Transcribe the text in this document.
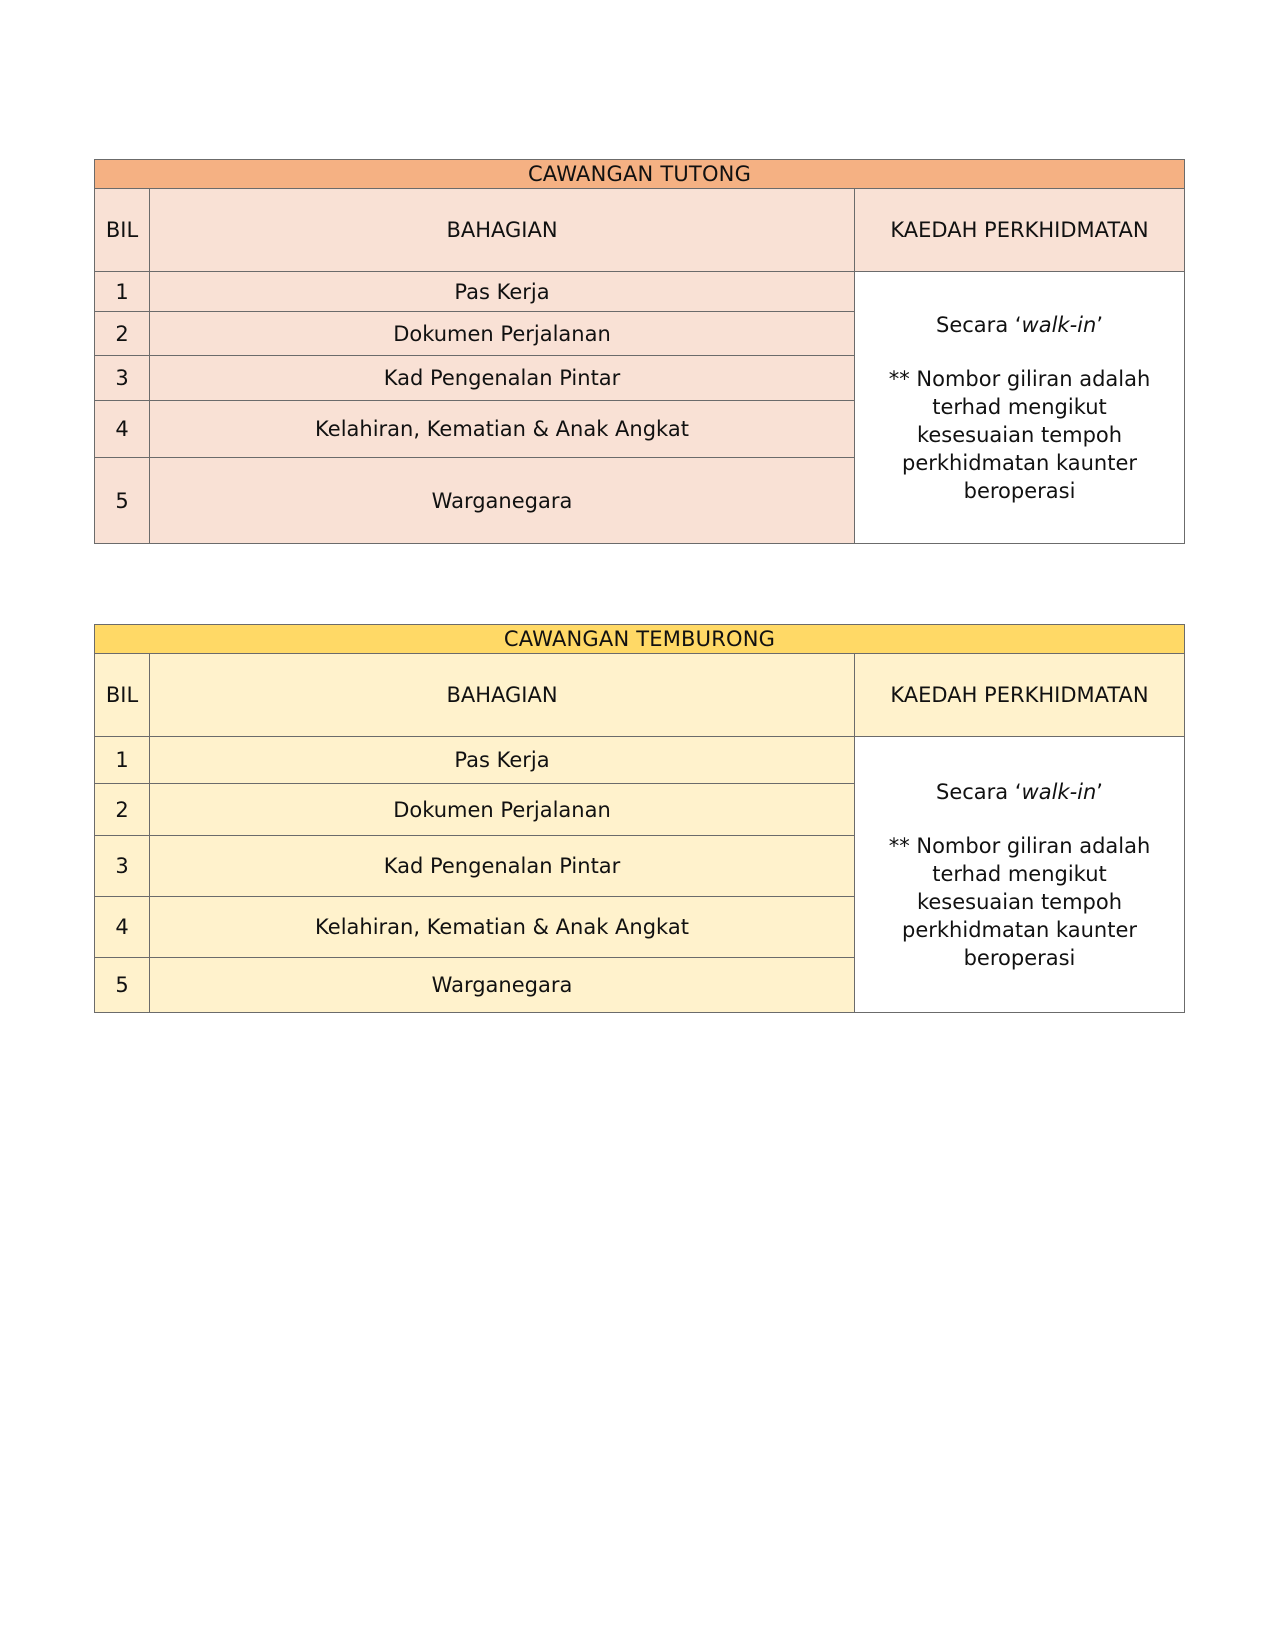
CAWANGAN TUTONG		
BIL	BAHAGIAN	KAEDAH PERKHIDMATAN
1	Pas Kerja	Secara ‘walk-in’
** Nombor giliran adalah terhad mengikut kesesuaian tempoh perkhidmatan kaunter beroperasi

2	Dokumen Perjalanan	
3	Kad Pengenalan Pintar	
4	Kelahiran, Kematian & Anak Angkat	
5	Warganegara	
CAWANGAN TEMBURONG		
BIL	BAHAGIAN	KAEDAH PERKHIDMATAN
1	Pas Kerja	Secara ‘walk-in’
** Nombor giliran adalah terhad mengikut kesesuaian tempoh perkhidmatan kaunter beroperasi

2	Dokumen Perjalanan	
3	Kad Pengenalan Pintar	
4	Kelahiran, Kematian & Anak Angkat	
5	Warganegara	
